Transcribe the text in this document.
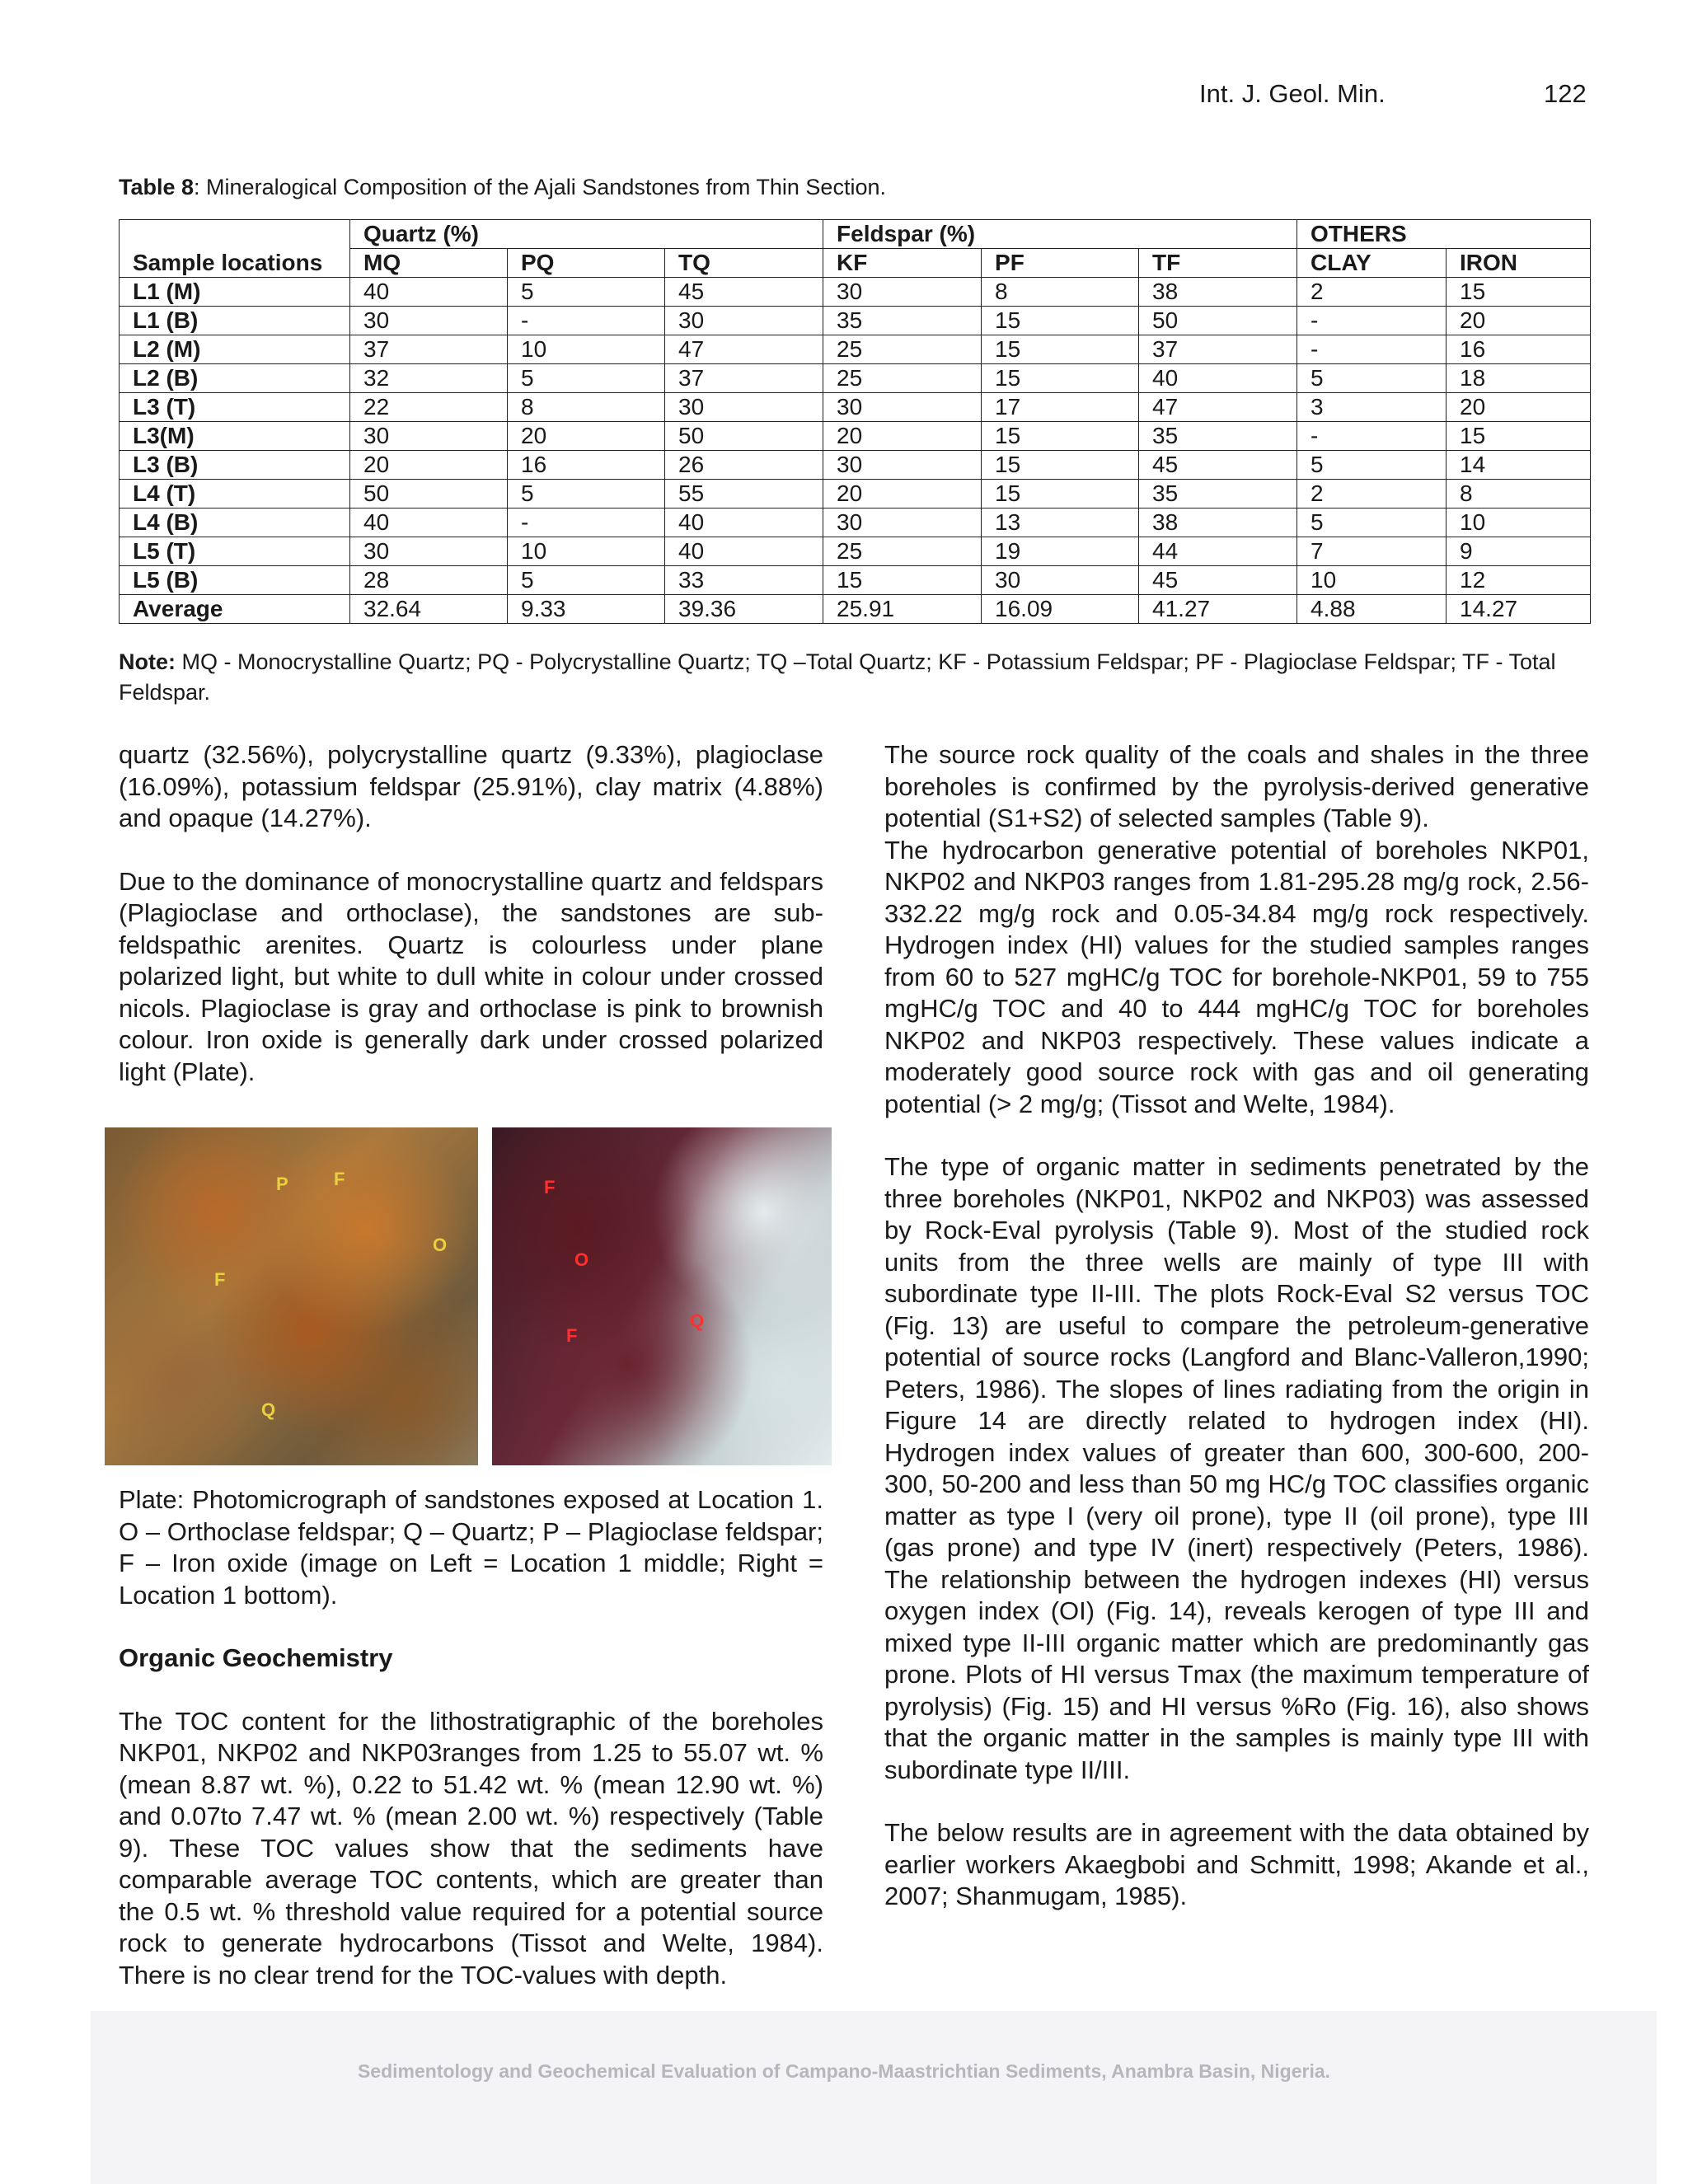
Int. J. Geol. Min.	122
Table 8: Mineralogical Composition of the Ajali Sandstones from Thin Section.
	Quartz (%)			Feldspar (%)			OTHERS	
Sample locations	MQ	PQ	TQ	KF	PF	TF	CLAY	IRON
L1 (M)	40	5	45	30	8	38	2	15
L1 (B)	30	-	30	35	15	50	-	20
L2 (M)	37	10	47	25	15	37	-	16
L2 (B)	32	5	37	25	15	40	5	18
L3 (T)	22	8	30	30	17	47	3	20
L3(M)	30	20	50	20	15	35	-	15
L3 (B)	20	16	26	30	15	45	5	14
L4 (T)	50	5	55	20	15	35	2	8
L4 (B)	40	-	40	30	13	38	5	10
L5 (T)	30	10	40	25	19	44	7	9
L5 (B)	28	5	33	15	30	45	10	12
Average	32.64	9.33	39.36	25.91	16.09	41.27	4.88	14.27
Note: MQ - Monocrystalline Quartz; PQ - Polycrystalline Quartz; TQ –Total Quartz; KF - Potassium Feldspar; PF - Plagioclase Feldspar; TF - Total Feldspar.

quartz (32.56%), polycrystalline quartz (9.33%), plagioclase (16.09%), potassium feldspar (25.91%), clay matrix (4.88%) and opaque (14.27%).

Due to the dominance of monocrystalline quartz and feldspars (Plagioclase and orthoclase), the sandstones are sub-feldspathic arenites. Quartz is colourless under plane polarized light, but white to dull white in colour under crossed nicols. Plagioclase is gray and orthoclase is pink to brownish colour. Iron oxide is generally dark under crossed polarized light (Plate).

P	F
F
O
Q
F
O
Q
F

Plate: Photomicrograph of sandstones exposed at Location 1. O – Orthoclase feldspar; Q – Quartz; P – Plagioclase feldspar; F – Iron oxide (image on Left = Location 1 middle; Right = Location 1 bottom).

Organic Geochemistry

The TOC content for the lithostratigraphic of the boreholes NKP01, NKP02 and NKP03ranges from 1.25 to 55.07 wt. % (mean 8.87 wt. %), 0.22 to 51.42 wt. % (mean 12.90 wt. %) and 0.07to 7.47 wt. % (mean 2.00 wt. %) respectively (Table 9). These TOC values show that the sediments have comparable average TOC contents, which are greater than the 0.5 wt. % threshold value required for a potential source rock to generate hydrocarbons (Tissot and Welte, 1984). There is no clear trend for the TOC-values with depth.

The source rock quality of the coals and shales in the three boreholes is confirmed by the pyrolysis-derived generative potential (S1+S2) of selected samples (Table 9).

The hydrocarbon generative potential of boreholes NKP01, NKP02 and NKP03 ranges from 1.81-295.28 mg/g rock, 2.56-332.22 mg/g rock and 0.05-34.84 mg/g rock respectively. Hydrogen index (HI) values for the studied samples ranges from 60 to 527 mgHC/g TOC for borehole-NKP01, 59 to 755 mgHC/g TOC and 40 to 444 mgHC/g TOC for boreholes NKP02 and NKP03 respectively. These values indicate a moderately good source rock with gas and oil generating potential (> 2 mg/g; (Tissot and Welte, 1984).

The type of organic matter in sediments penetrated by the three boreholes (NKP01, NKP02 and NKP03) was assessed by Rock-Eval pyrolysis (Table 9). Most of the studied rock units from the three wells are mainly of type III with subordinate type II-III. The plots Rock-Eval S2 versus TOC (Fig. 13) are useful to compare the petroleum-generative potential of source rocks (Langford and Blanc-Valleron,1990; Peters, 1986). The slopes of lines radiating from the origin in Figure 14 are directly related to hydrogen index (HI). Hydrogen index values of greater than 600, 300-600, 200-300, 50-200 and less than 50 mg HC/g TOC classifies organic matter as type I (very oil prone), type II (oil prone), type III (gas prone) and type IV (inert) respectively (Peters, 1986). The relationship between the hydrogen indexes (HI) versus oxygen index (OI) (Fig. 14), reveals kerogen of type III and mixed type II-III organic matter which are predominantly gas prone. Plots of HI versus Tmax (the maximum temperature of pyrolysis) (Fig. 15) and HI versus %Ro (Fig. 16), also shows that the organic matter in the samples is mainly type III with subordinate type II/III.

The below results are in agreement with the data obtained by earlier workers Akaegbobi and Schmitt, 1998; Akande et al., 2007; Shanmugam, 1985).

Sedimentology and Geochemical Evaluation of Campano-Maastrichtian Sediments, Anambra Basin, Nigeria.
